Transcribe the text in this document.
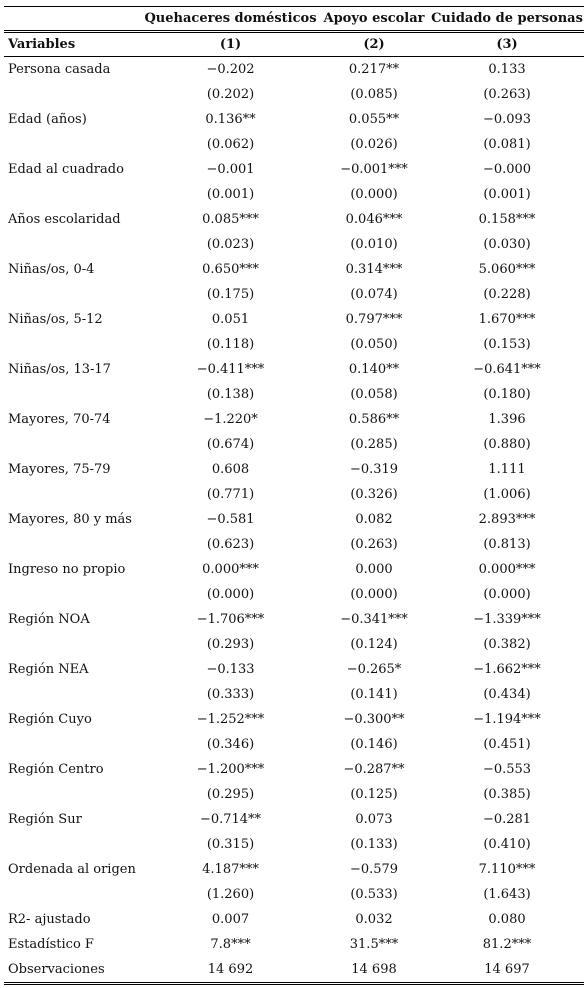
	Quehaceres domésticos	Apoyo escolar	Cuidado de personas
Variables	(1)	(2)	(3)
Persona casada	−0.202	0.217**	0.133
	(0.202)	(0.085)	(0.263)
Edad (años)	0.136**	0.055**	−0.093
	(0.062)	(0.026)	(0.081)
Edad al cuadrado	−0.001	−0.001***	−0.000
	(0.001)	(0.000)	(0.001)
Años escolaridad	0.085***	0.046***	0.158***
	(0.023)	(0.010)	(0.030)
Niñas/os, 0-4	0.650***	0.314***	5.060***
	(0.175)	(0.074)	(0.228)
Niñas/os, 5-12	0.051	0.797***	1.670***
	(0.118)	(0.050)	(0.153)
Niñas/os, 13-17	−0.411***	0.140**	−0.641***
	(0.138)	(0.058)	(0.180)
Mayores, 70-74	−1.220*	0.586**	1.396
	(0.674)	(0.285)	(0.880)
Mayores, 75-79	0.608	−0.319	1.111
	(0.771)	(0.326)	(1.006)
Mayores, 80 y más	−0.581	0.082	2.893***
	(0.623)	(0.263)	(0.813)
Ingreso no propio	0.000***	0.000	0.000***
	(0.000)	(0.000)	(0.000)
Región NOA	−1.706***	−0.341***	−1.339***
	(0.293)	(0.124)	(0.382)
Región NEA	−0.133	−0.265*	−1.662***
	(0.333)	(0.141)	(0.434)
Región Cuyo	−1.252***	−0.300**	−1.194***
	(0.346)	(0.146)	(0.451)
Región Centro	−1.200***	−0.287**	−0.553
	(0.295)	(0.125)	(0.385)
Región Sur	−0.714**	0.073	−0.281
	(0.315)	(0.133)	(0.410)
Ordenada al origen	4.187***	−0.579	7.110***
	(1.260)	(0.533)	(1.643)
R2- ajustado	0.007	0.032	0.080
Estadístico F	7.8***	31.5***	81.2***
Observaciones	14 692	14 698	14 697
